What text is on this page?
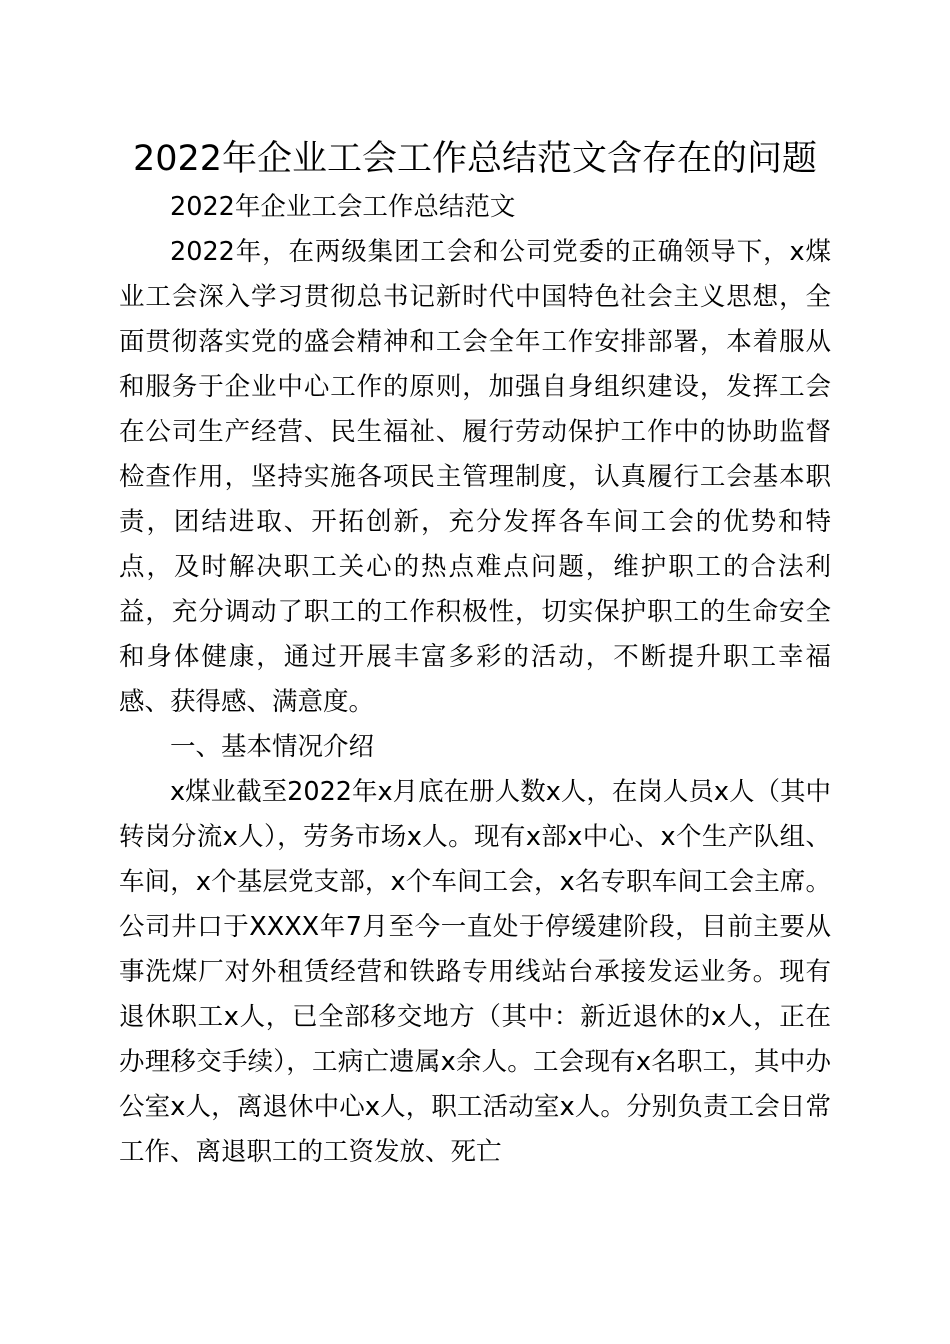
2022年企业工会工作总结范文含存在的问题

2022年企业工会工作总结范文

2022年，在两级集团工会和公司党委的正确领导下，x煤业工会深入学习贯彻总书记新时代中国特色社会主义思想，全面贯彻落实党的盛会精神和工会全年工作安排部署，本着服从和服务于企业中心工作的原则，加强自身组织建设，发挥工会在公司生产经营、民生福祉、履行劳动保护工作中的协助监督检查作用，坚持实施各项民主管理制度，认真履行工会基本职责，团结进取、开拓创新，充分发挥各车间工会的优势和特点，及时解决职工关心的热点难点问题，维护职工的合法利益，充分调动了职工的工作积极性，切实保护职工的生命安全和身体健康，通过开展丰富多彩的活动，不断提升职工幸福感、获得感、满意度。

一、基本情况介绍

x煤业截至2022年x月底在册人数x人，在岗人员x人（其中转岗分流x人），劳务市场x人。现有x部x中心、x个生产队组、车间，x个基层党支部，x个车间工会，x名专职车间工会主席。公司井口于XXXX年7月至今一直处于停缓建阶段，目前主要从事洗煤厂对外租赁经营和铁路专用线站台承接发运业务。现有退休职工x人，已全部移交地方（其中：新近退休的x人，正在办理移交手续），工病亡遗属x余人。工会现有x名职工，其中办公室x人，离退休中心x人，职工活动室x人。分别负责工会日常工作、离退职工的工资发放、死亡
